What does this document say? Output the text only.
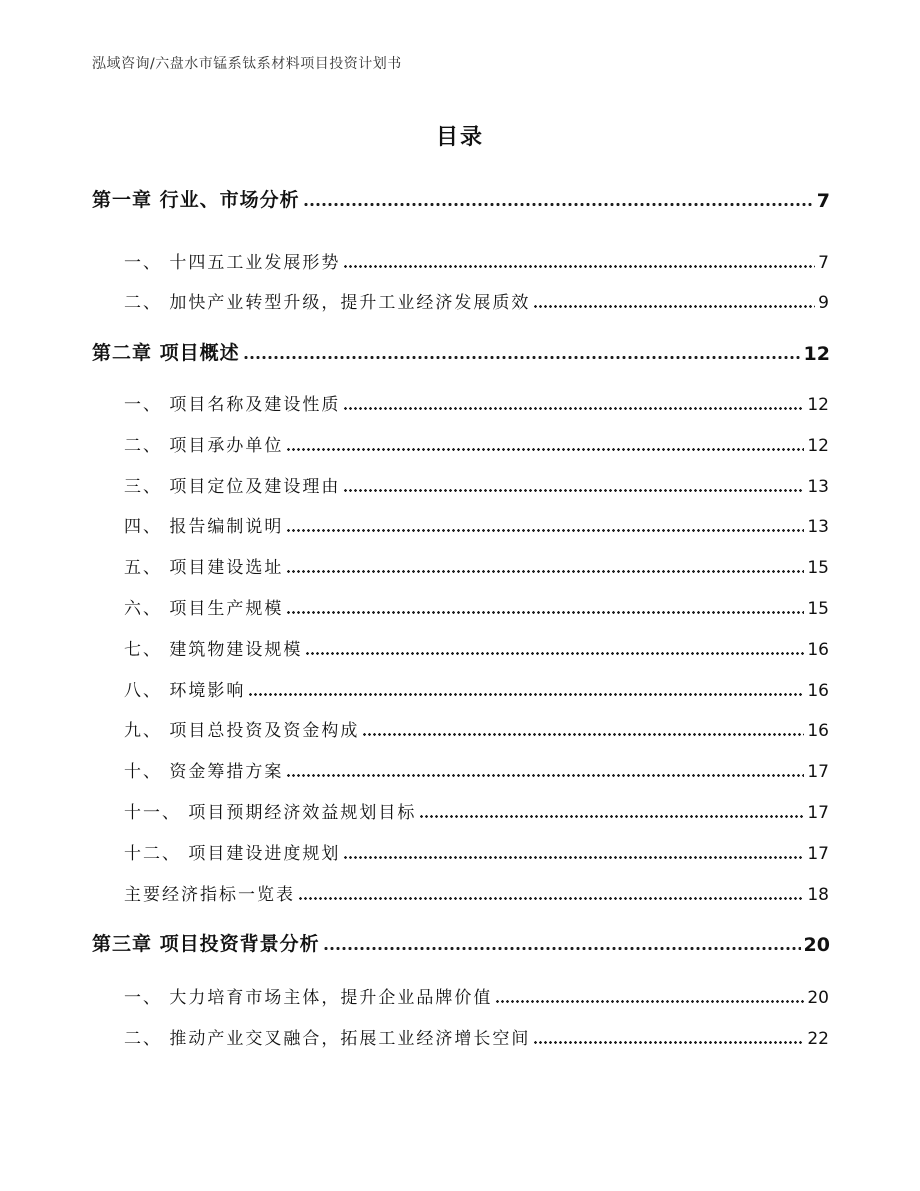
泓域咨询/六盘水市锰系钛系材料项目投资计划书
目录
第一章 行业、市场分析	7
一、 十四五工业发展形势	7
二、 加快产业转型升级，提升工业经济发展质效	9
第二章 项目概述	12
一、 项目名称及建设性质	12
二、 项目承办单位	12
三、 项目定位及建设理由	13
四、 报告编制说明	13
五、 项目建设选址	15
六、 项目生产规模	15
七、 建筑物建设规模	16
八、 环境影响	16
九、 项目总投资及资金构成	16
十、 资金筹措方案	17
十一、 项目预期经济效益规划目标	17
十二、 项目建设进度规划	17
主要经济指标一览表	18
第三章 项目投资背景分析	20
一、 大力培育市场主体，提升企业品牌价值	20
二、 推动产业交叉融合，拓展工业经济增长空间	22
